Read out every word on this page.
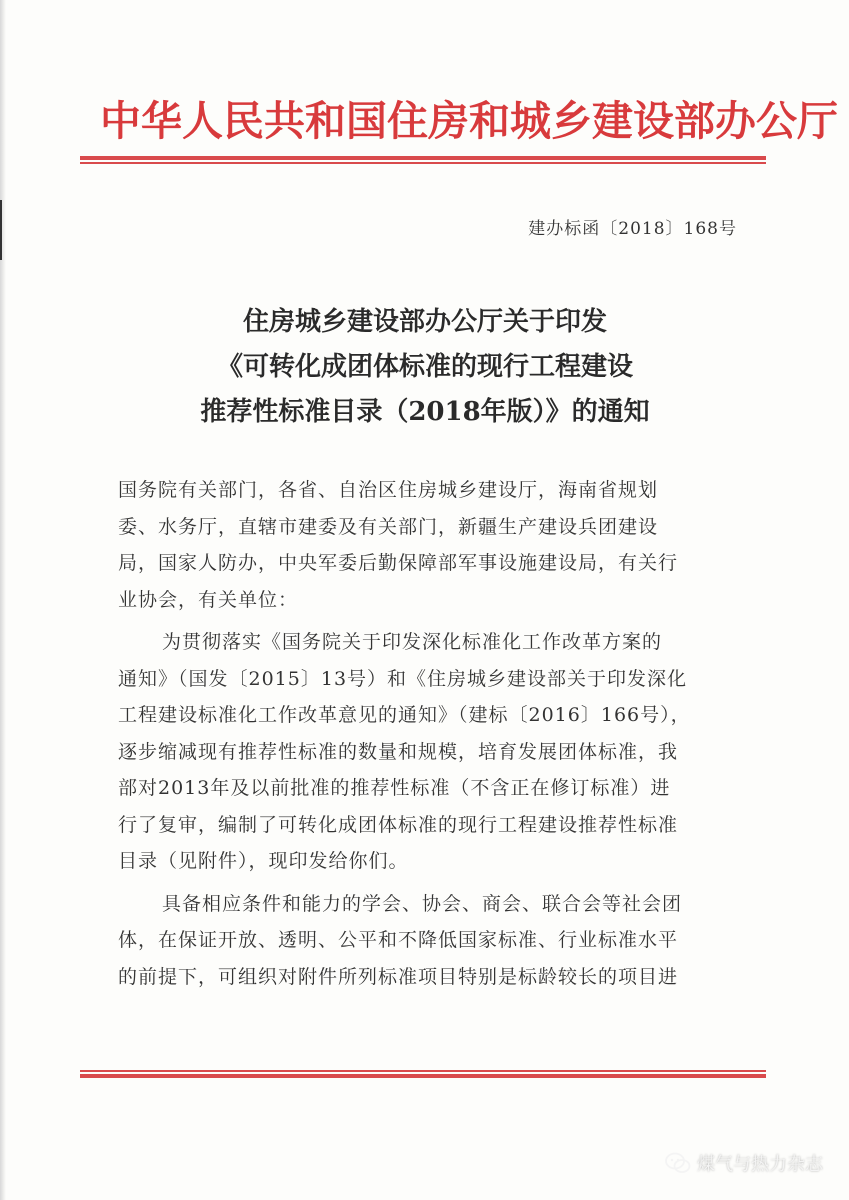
中华人民共和国住房和城乡建设部办公厅
建办标函〔2018〕168号
住房城乡建设部办公厅关于印发
《可转化成团体标准的现行工程建设
推荐性标准目录（2018年版）》的通知
国务院有关部门，各省、自治区住房城乡建设厅，海南省规划
委、水务厅，直辖市建委及有关部门，新疆生产建设兵团建设
局，国家人防办，中央军委后勤保障部军事设施建设局，有关行
业协会，有关单位：
为贯彻落实《国务院关于印发深化标准化工作改革方案的
通知》（国发〔2015〕13号）和《住房城乡建设部关于印发深化
工程建设标准化工作改革意见的通知》（建标〔2016〕166号），
逐步缩减现有推荐性标准的数量和规模，培育发展团体标准，我
部对2013年及以前批准的推荐性标准（不含正在修订标准）进
行了复审，编制了可转化成团体标准的现行工程建设推荐性标准
目录（见附件），现印发给你们。
具备相应条件和能力的学会、协会、商会、联合会等社会团
体，在保证开放、透明、公平和不降低国家标准、行业标准水平
的前提下，可组织对附件所列标准项目特别是标龄较长的项目进
煤气与热力杂志
